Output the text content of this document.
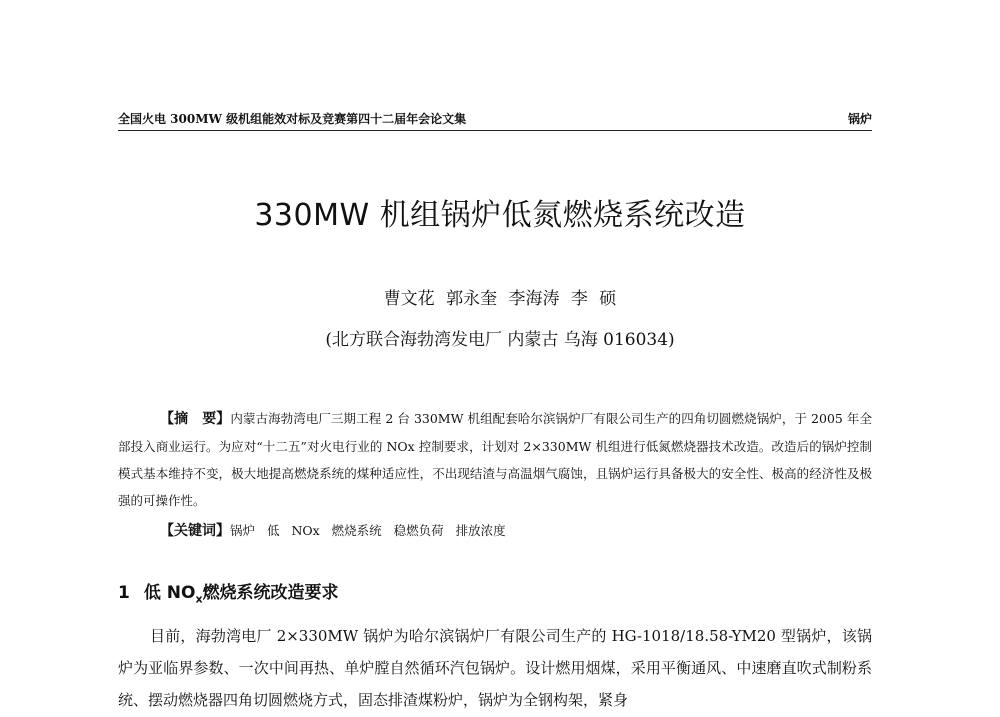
全国火电 300MW 级机组能效对标及竞赛第四十二届年会论文集	锅炉
330MW 机组锅炉低氮燃烧系统改造
曹文花 郭永奎 李海涛 李 硕
(北方联合海勃湾发电厂 内蒙古 乌海 016034)
【摘　要】内蒙古海勃湾电厂三期工程 2 台 330MW 机组配套哈尔滨锅炉厂有限公司生产的四角切圆燃烧锅炉，于 2005 年全部投入商业运行。为应对“十二五”对火电行业的 NOx 控制要求，计划对 2×330MW 机组进行低氮燃烧器技术改造。改造后的锅炉控制模式基本维持不变，极大地提高燃烧系统的煤种适应性，不出现结渣与高温烟气腐蚀，且锅炉运行具备极大的安全性、极高的经济性及极强的可操作性。
【关键词】锅炉 低 NOx 燃烧系统 稳燃负荷 排放浓度
1 低 $NO_x$燃烧系统改造要求
目前，海勃湾电厂 2×330MW 锅炉为哈尔滨锅炉厂有限公司生产的 HG-1018/18.58-YM20 型锅炉，该锅炉为亚临界参数、一次中间再热、单炉膛自然循环汽包锅炉。设计燃用烟煤，采用平衡通风、中速磨直吹式制粉系统、摆动燃烧器四角切圆燃烧方式，固态排渣煤粉炉，锅炉为全钢构架，紧身
